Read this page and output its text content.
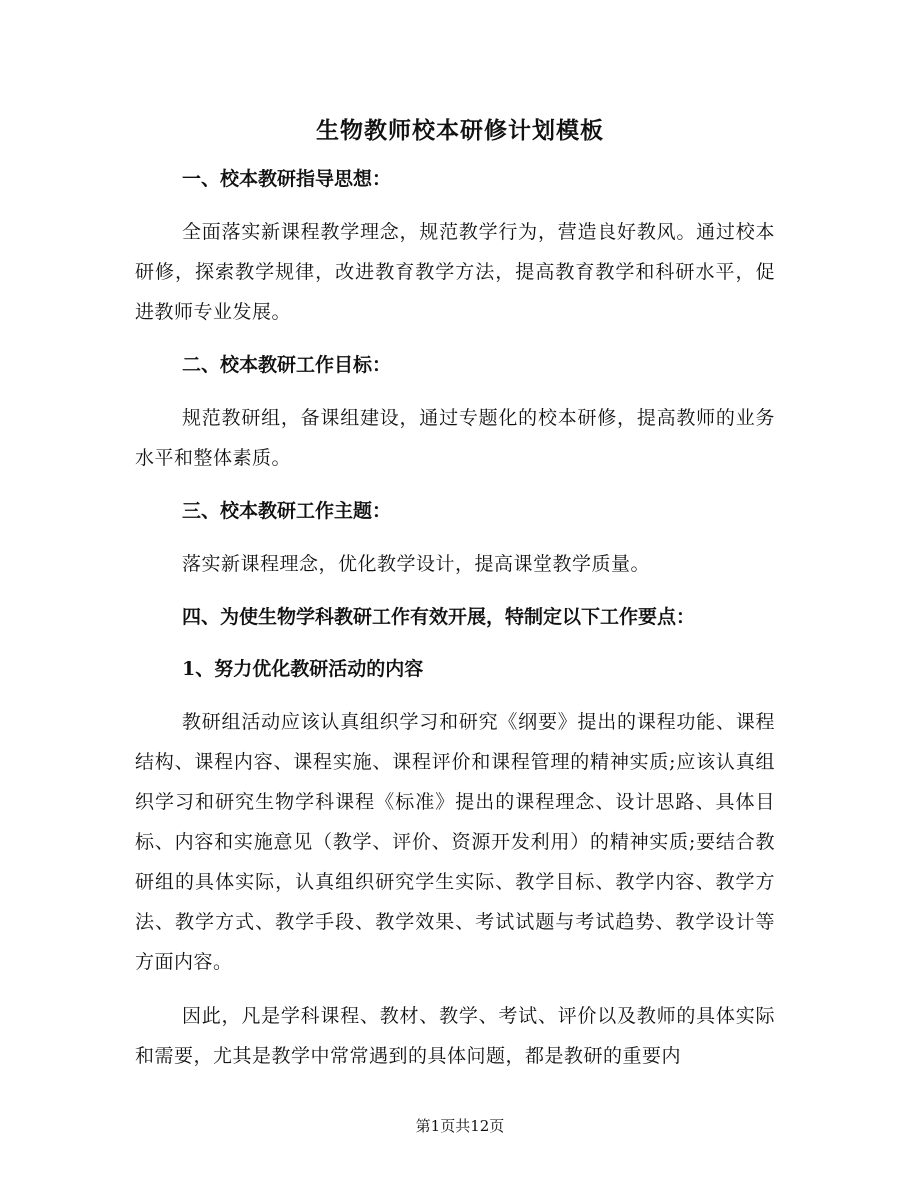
生物教师校本研修计划模板

一、校本教研指导思想：

全面落实新课程教学理念，规范教学行为，营造良好教风。通过校本研修，探索教学规律，改进教育教学方法，提高教育教学和科研水平，促进教师专业发展。

二、校本教研工作目标：

规范教研组，备课组建设，通过专题化的校本研修，提高教师的业务水平和整体素质。

三、校本教研工作主题：

落实新课程理念，优化教学设计，提高课堂教学质量。

四、为使生物学科教研工作有效开展，特制定以下工作要点：

1、努力优化教研活动的内容

教研组活动应该认真组织学习和研究《纲要》提出的课程功能、课程结构、课程内容、课程实施、课程评价和课程管理的精神实质;应该认真组织学习和研究生物学科课程《标准》提出的课程理念、设计思路、具体目标、内容和实施意见（教学、评价、资源开发利用）的精神实质;要结合教研组的具体实际，认真组织研究学生实际、教学目标、教学内容、教学方法、教学方式、教学手段、教学效果、考试试题与考试趋势、教学设计等方面内容。

因此，凡是学科课程、教材、教学、考试、评价以及教师的具体实际和需要，尤其是教学中常常遇到的具体问题，都是教研的重要内

第1页共12页
